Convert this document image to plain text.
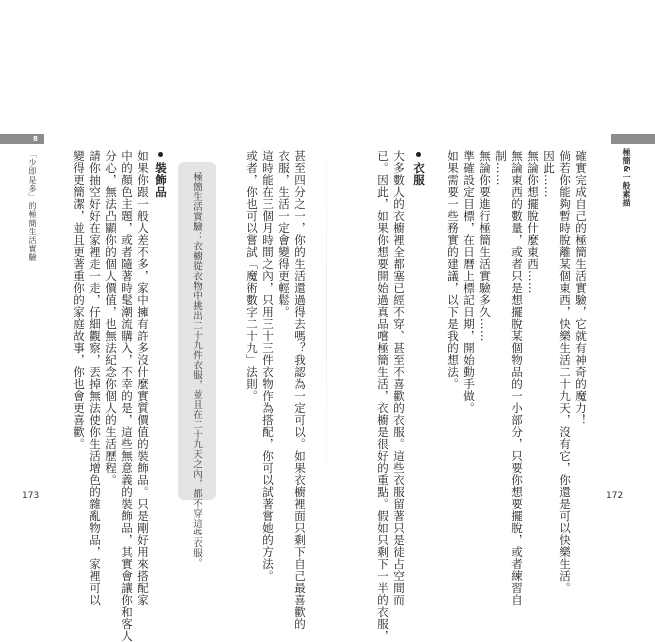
極簡&一般素描
172
確實完成自己的極簡生活實驗，它就有神奇的魔力！
倘若你能夠暫時脫離某個東西，快樂生活二十九天，沒有它，你還是可以快樂生活。
因此……
無論你想擺脫什麼東西……
無論東西的數量，或者只是想擺脫某個物品的一小部分，只要你想要擺脫，或者練習自
制……
無論你要進行極簡生活實驗多久……
準確設定目標，在日曆上標記日期，開始動手做。
如果需要一些務實的建議，以下是我的想法。
衣服
大多數人的衣櫥裡全都塞已經不穿、甚至不喜歡的衣服。這些衣服留著只是徒占空間而
已。因此，如果你想要開始過真品嚐極簡生活，衣櫥是很好的重點。假如只剩下一半的衣服，
甚至四分之一，你的生活還過得去嗎？我認為一定可以。如果衣櫥裡面只剩下自己最喜歡的
衣服，生活一定會變得更輕鬆。
這時能在三個月時間之內，只用三十三件衣物作為搭配，你可以試著嘗她的方法。
或者，你也可以嘗試「魔術數字二十九」法則。
極簡生活實驗：衣櫥從衣物中挑出二十九件衣服，並且在二十九天之內，都不穿這些衣服。
8
「少即是多」的極簡生活實驗
173
裝飾品
如果你跟一般人差不多，家中擁有許多沒什麼實質價值的裝飾品。只是剛好用來搭配家
中的顏色主題，或者隨著時髦潮流購入，不幸的是，這些無意義的裝飾品，其實會讓你和客人
分心，無法凸顯你的個人價值，也無法紀念你個人的生活歷程。
請你抽空好好在家裡走一走，仔細觀察，丟掉無法使你生活增色的雜亂物品，家裡可以
變得更簡潔，並且更著重你的家庭故事，你也會更喜歡。
